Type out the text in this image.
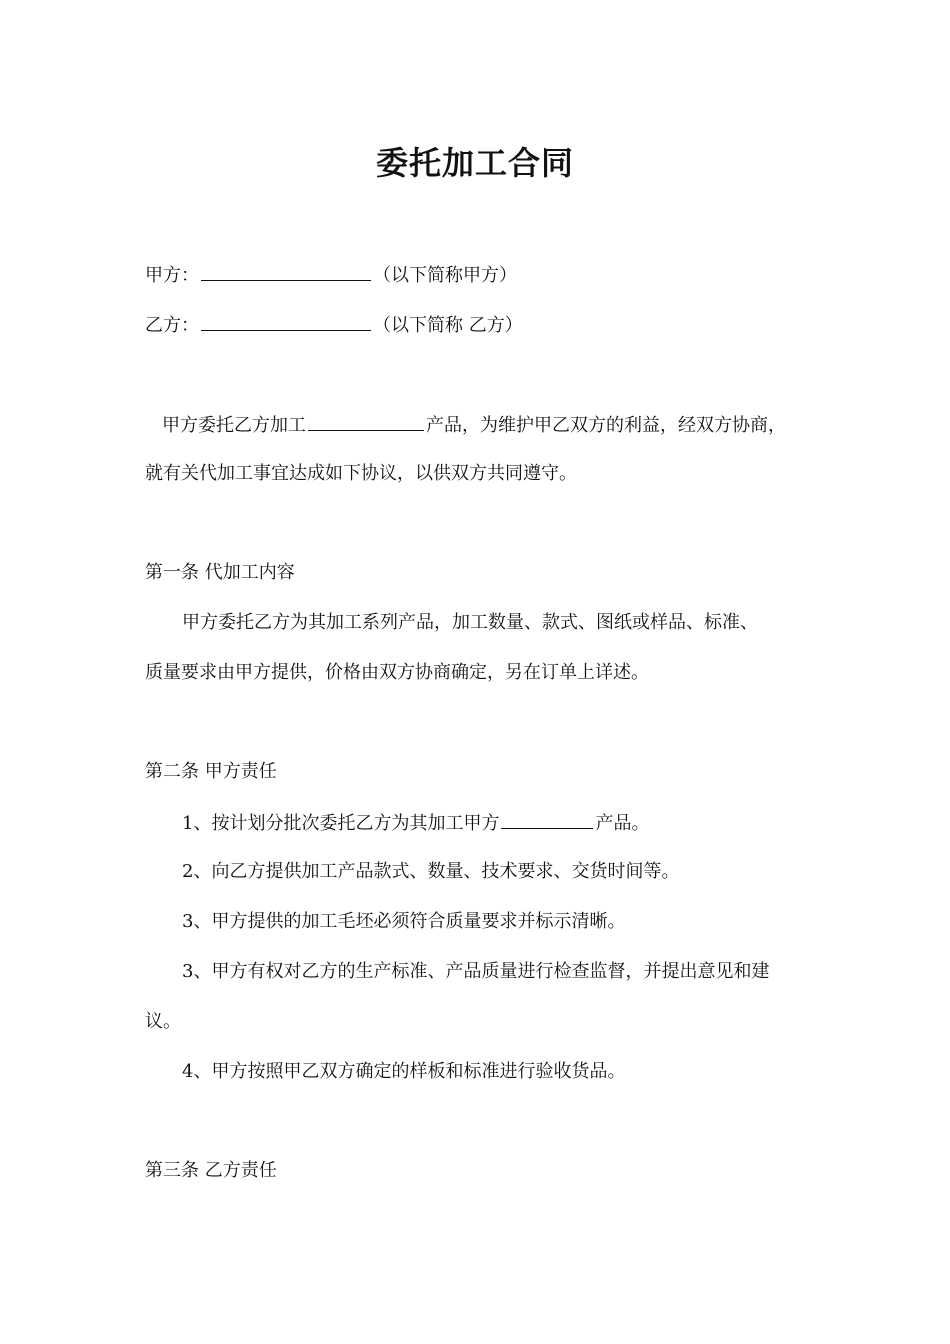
委托加工合同
甲方：	（以下简称甲方）
乙方：	（以下简称 乙方）
甲方委托乙方加工	产品，为维护甲乙双方的利益，经双方协商，
就有关代加工事宜达成如下协议，以供双方共同遵守。
第一条 代加工内容
甲方委托乙方为其加工系列产品，加工数量、款式、图纸或样品、标准、
质量要求由甲方提供，价格由双方协商确定，另在订单上详述。
第二条 甲方责任
1、按计划分批次委托乙方为其加工甲方	产品。
2、向乙方提供加工产品款式、数量、技术要求、交货时间等。
3、甲方提供的加工毛坯必须符合质量要求并标示清晰。
3、甲方有权对乙方的生产标准、产品质量进行检查监督，并提出意见和建
议。
4、甲方按照甲乙双方确定的样板和标准进行验收货品。
第三条 乙方责任
